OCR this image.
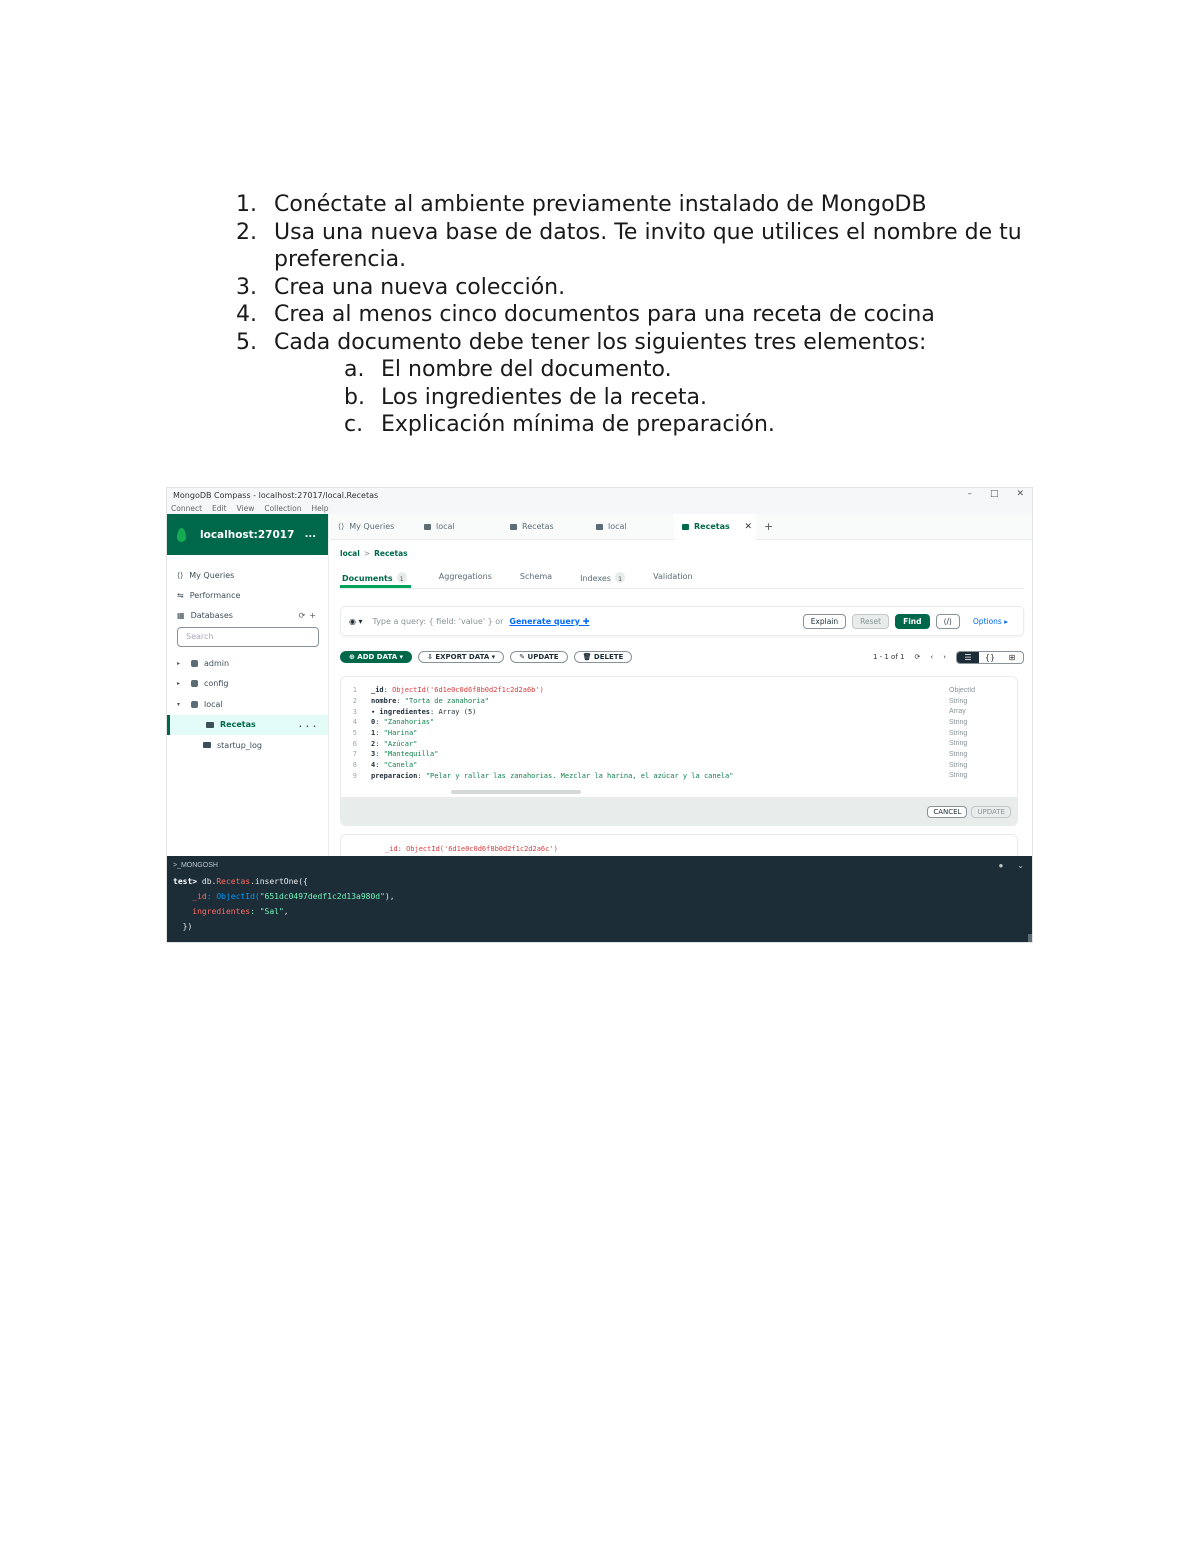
1. Conéctate al ambiente previamente instalado de MongoDB
2. Usa una nueva base de datos. Te invito que utilices el nombre de tu preferencia.
3. Crea una nueva colección.
4. Crea al menos cinco documentos para una receta de cocina
5. Cada documento debe tener los siguientes tres elementos:
a. El nombre del documento.
b. Los ingredientes de la receta.
c. Explicación mínima de preparación.
MongoDB Compass - localhost:27017/local.Recetas	– □ ✕
Connect Edit View Collection Help
localhost:27017 ...
⟨⟩ My Queries
⇋ Performance
▦ Databases	⟳+
Search
▸	admin
▸	config
▾	local
Recetas	...
startup_log
⟨⟩ My Queries	local	Recetas	local	Recetas ✕ +
local > Recetas
Documents 1	Aggregations	Schema	Indexes 1	Validation
◉ ▾ Type a query: { field: 'value' } or Generate query ✚	Explain	Reset	Find	⟨/⟩	Options ▸
⊕ ADD DATA ▾	⇩ EXPORT DATA ▾	✎ UPDATE	🗑 DELETE	1 - 1 of 1 ⟳ ‹ ›	☰	{}	⊞
1	_id: ObjectId('6d1e0c0d6f8b0d2f1c2d2a6b')	ObjectId
2	nombre: "Torta de zanahoria"	String
3	▾ ingredientes: Array (5)	Array
4	0: "Zanahorias"	String
5	1: "Harina"	String
6	2: "Azúcar"	String
7	3: "Mantequilla"	String
8	4: "Canela"	String
9	preparacion: "Pelar y rallar las zanahorias. Mezclar la harina, el azúcar y la canela"	String
CANCEL	UPDATE
_id: ObjectId('6d1e0c0d6f8b0d2f1c2d2a6c')
>_MONGOSH	● ⌄
test> db. Recetas .insertOne({
_id : ObjectId( "651dc0497dedf1c2d13a980d" ),
ingredientes : "Sal" ,
})
